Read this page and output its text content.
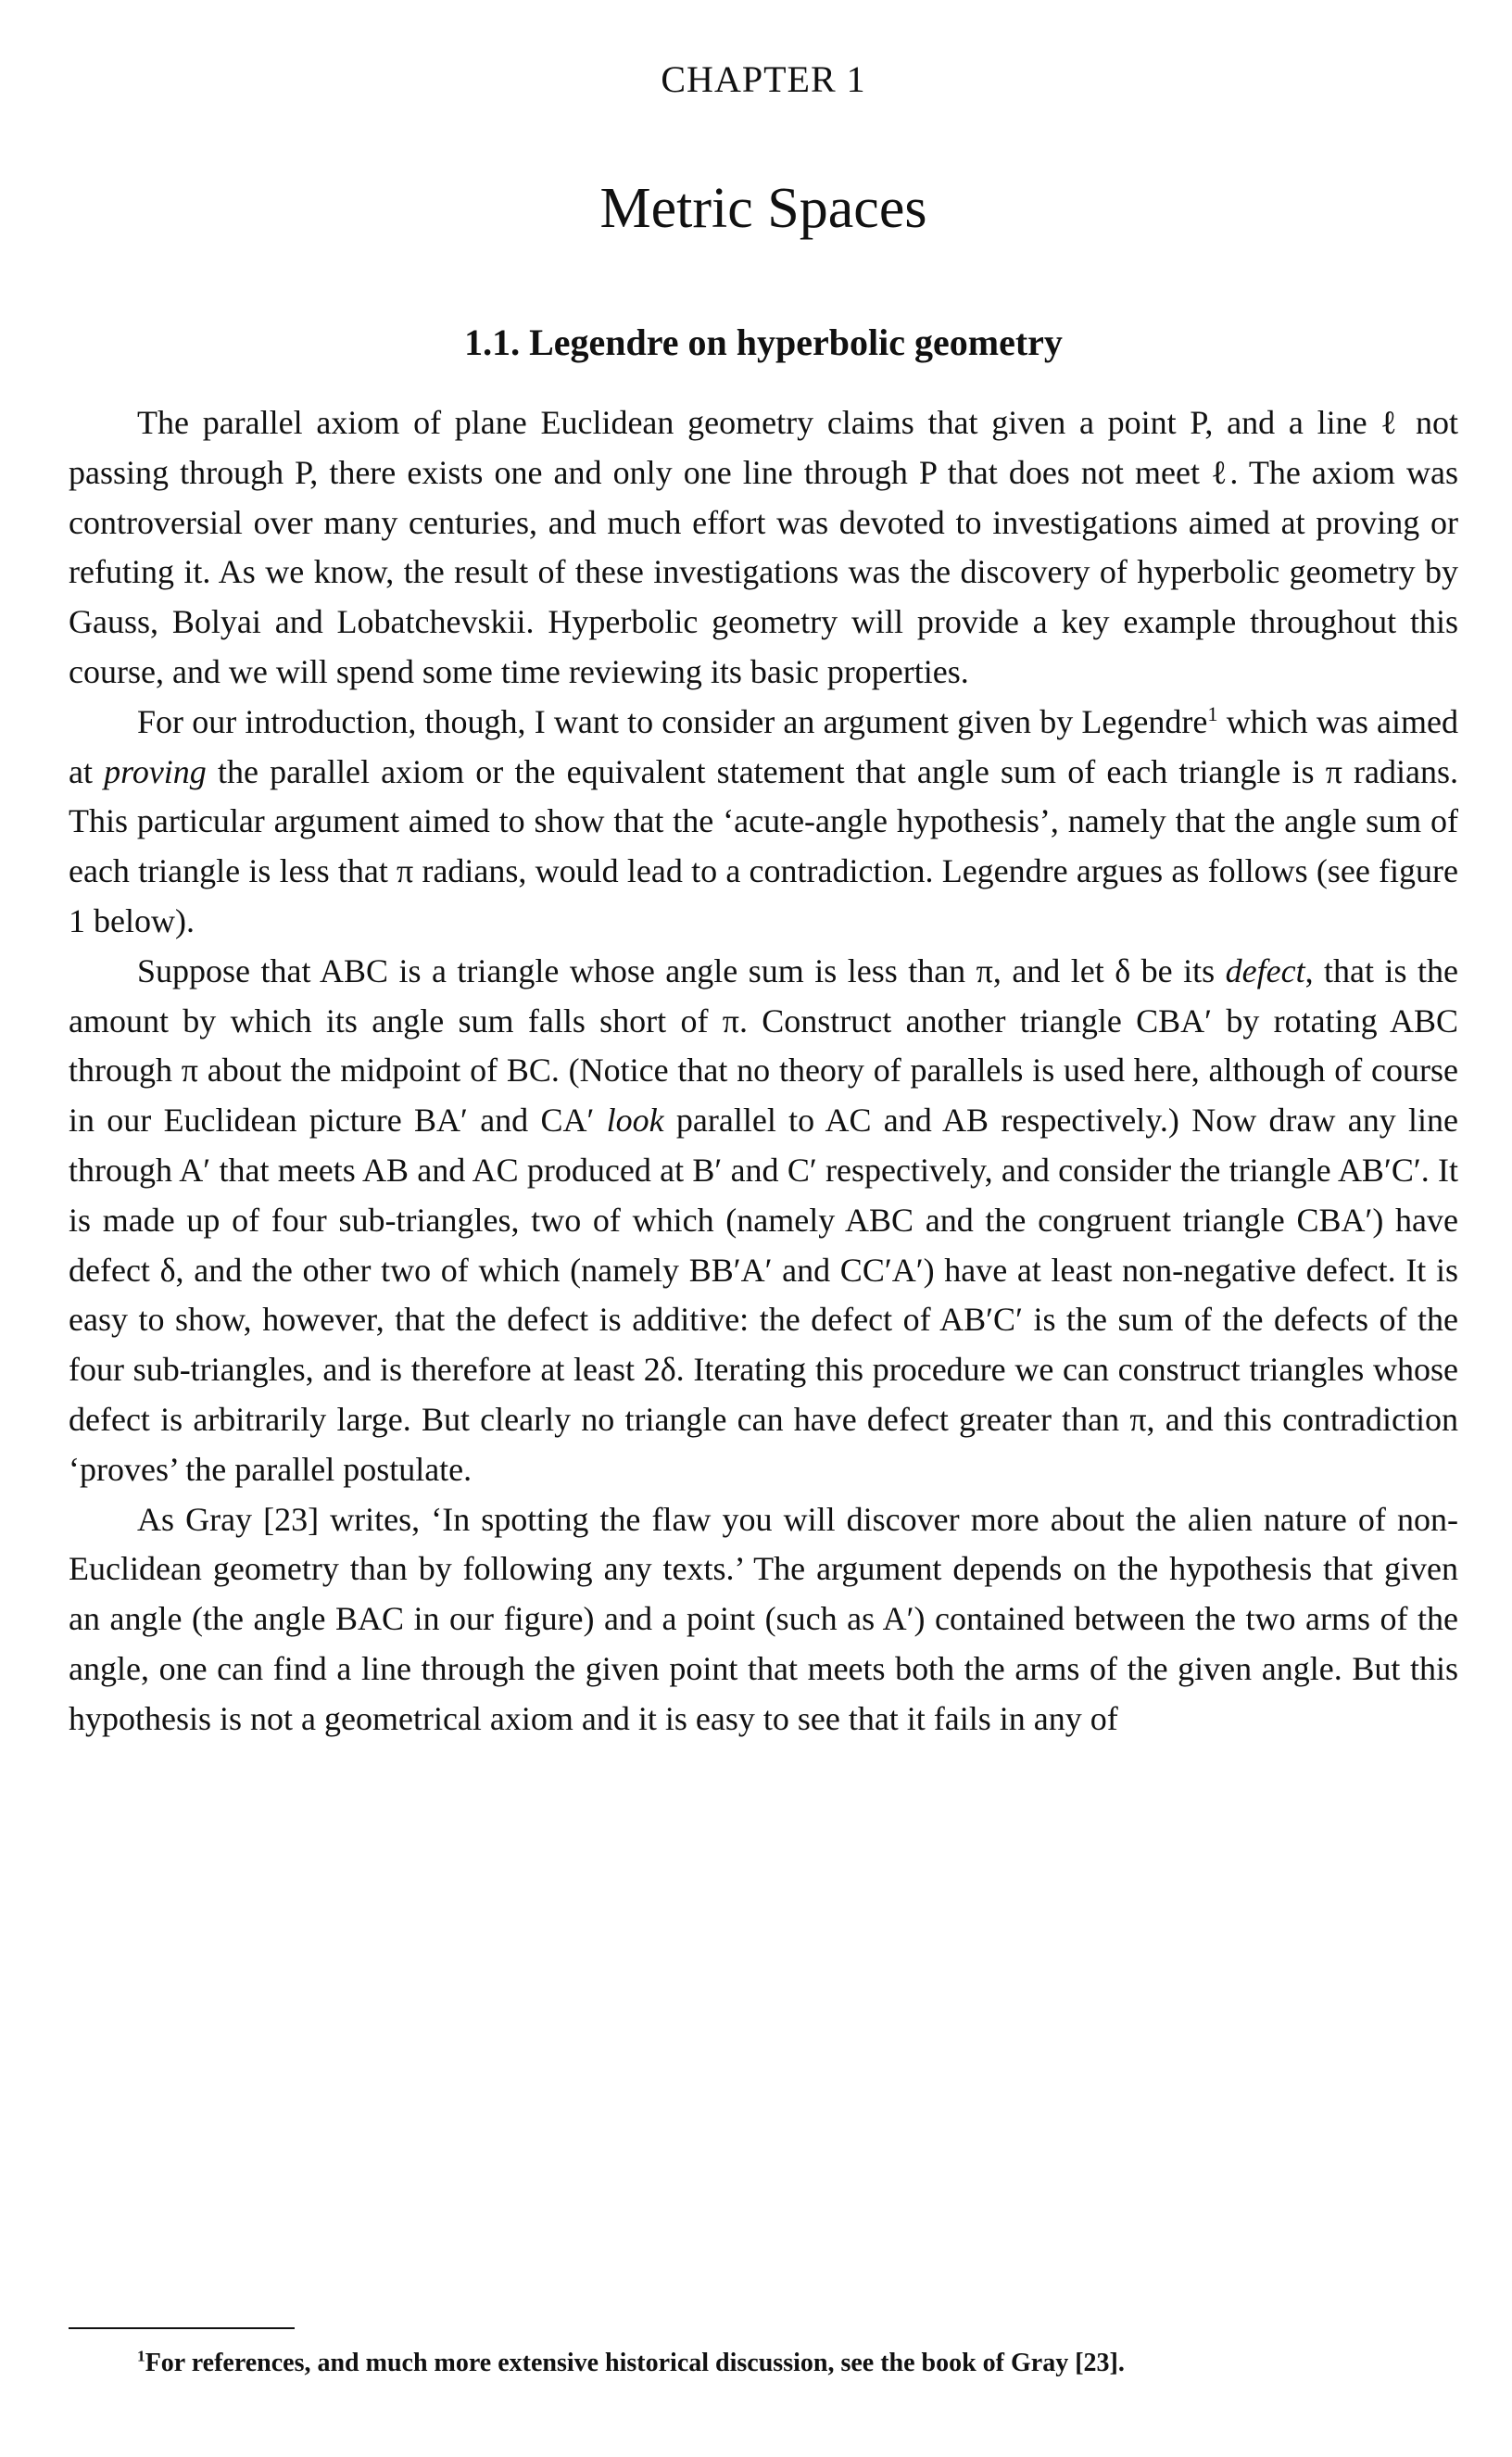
CHAPTER 1
Metric Spaces
1.1. Legendre on hyperbolic geometry

The parallel axiom of plane Euclidean geometry claims that given a point P, and a line ℓ not passing through P, there exists one and only one line through P that does not meet ℓ. The axiom was controversial over many centuries, and much effort was devoted to investigations aimed at proving or refuting it. As we know, the result of these investigations was the discovery of hyperbolic geometry by Gauss, Bolyai and Lobatchevskii. Hyperbolic geometry will provide a key example throughout this course, and we will spend some time reviewing its basic properties.

For our introduction, though, I want to consider an argument given by Legendre$^1$ which was aimed at proving the parallel axiom or the equivalent statement that angle sum of each triangle is π radians. This particular argument aimed to show that the ‘acute-angle hypothesis’, namely that the angle sum of each triangle is less that π radians, would lead to a contradiction. Legendre argues as follows (see figure 1 below).

Suppose that ABC is a triangle whose angle sum is less than π, and let δ be its defect, that is the amount by which its angle sum falls short of π. Construct another triangle CBA′ by rotating ABC through π about the midpoint of BC. (Notice that no theory of parallels is used here, although of course in our Euclidean picture BA′ and CA′ look parallel to AC and AB respectively.) Now draw any line through A′ that meets AB and AC produced at B′ and C′ respectively, and consider the triangle AB′C′. It is made up of four sub-triangles, two of which (namely ABC and the congruent triangle CBA′) have defect δ, and the other two of which (namely BB′A′ and CC′A′) have at least non-negative defect. It is easy to show, however, that the defect is additive: the defect of AB′C′ is the sum of the defects of the four sub-triangles, and is therefore at least 2δ. Iterating this procedure we can construct triangles whose defect is arbitrarily large. But clearly no triangle can have defect greater than π, and this contradiction ‘proves’ the parallel postulate.

As Gray [23] writes, ‘In spotting the flaw you will discover more about the alien nature of non-Euclidean geometry than by following any texts.’ The argument depends on the hypothesis that given an angle (the angle BAC in our figure) and a point (such as A′) contained between the two arms of the angle, one can find a line through the given point that meets both the arms of the given angle. But this hypothesis is not a geometrical axiom and it is easy to see that it fails in any of

$^1$For references, and much more extensive historical discussion, see the book of Gray [23].
